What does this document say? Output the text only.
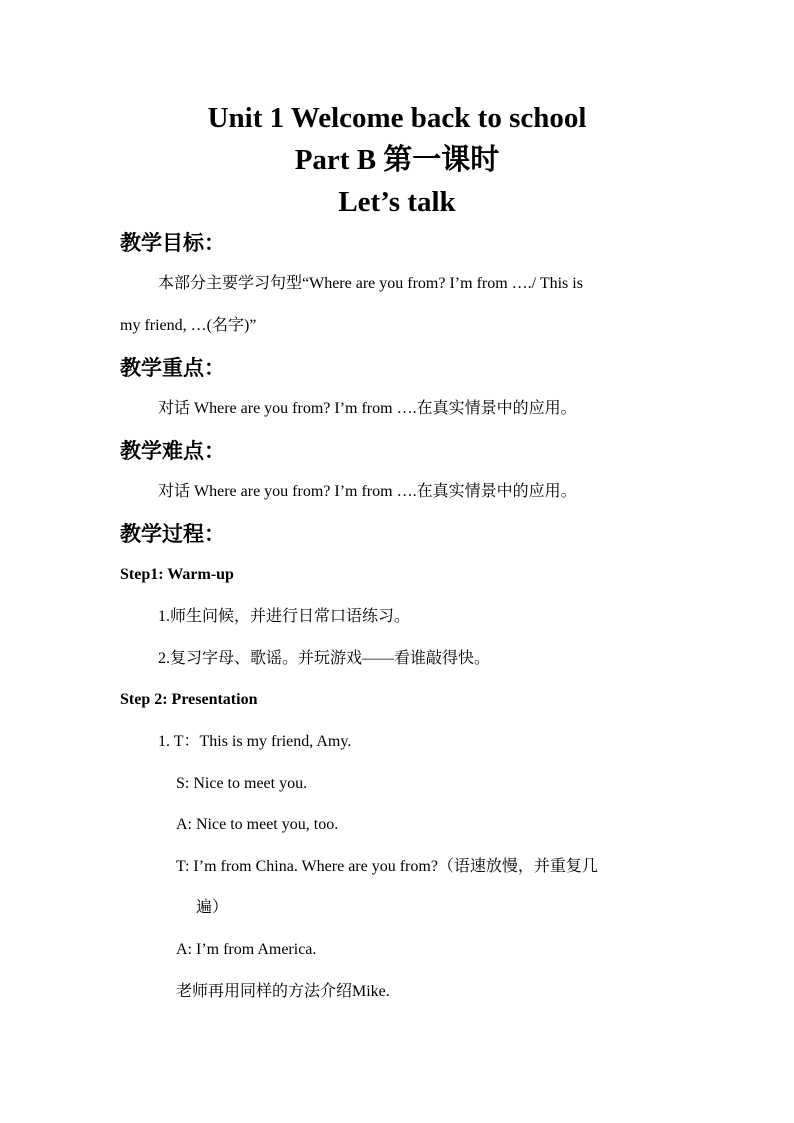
Unit 1 Welcome back to school
Part B 第一课时
Let’s talk
教学目标：
本部分主要学习句型“Where are you from? I’m from …./ This is
my friend, …(名字)”
教学重点：
对话 Where are you from? I’m from ….在真实情景中的应用。
教学难点：
对话 Where are you from? I’m from ….在真实情景中的应用。
教学过程：
Step1: Warm-up
1.师生问候，并进行日常口语练习。
2.复习字母、歌谣。并玩游戏——看谁敲得快。
Step 2: Presentation
1. T：This is my friend, Amy.
S: Nice to meet you.
A: Nice to meet you, too.
T: I’m from China. Where are you from?（语速放慢，并重复几
遍）
A: I’m from America.
老师再用同样的方法介绍Mike.
